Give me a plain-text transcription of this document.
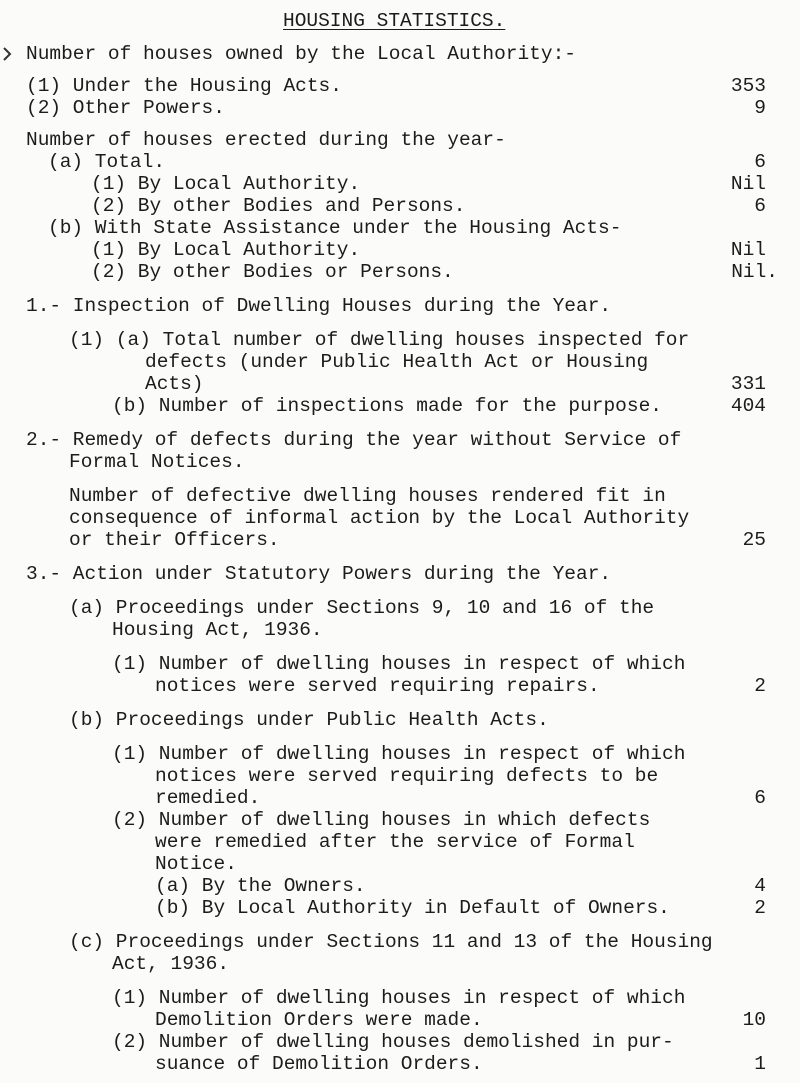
HOUSING STATISTICS.
Number of houses owned by the Local Authority:-
(1) Under the Housing Acts.	353
(2) Other Powers.	9
Number of houses erected during the year-
(a) Total.	6
(1) By Local Authority.	Nil
(2) By other Bodies and Persons.	6
(b) With State Assistance under the Housing Acts-
(1) By Local Authority.	Nil
(2) By other Bodies or Persons.	Nil.
1.- Inspection of Dwelling Houses during the Year.
(1) (a) Total number of dwelling houses inspected for
defects (under Public Health Act or Housing
Acts)	331
(b) Number of inspections made for the purpose.	404
2.- Remedy of defects during the year without Service of
Formal Notices.
Number of defective dwelling houses rendered fit in
consequence of informal action by the Local Authority
or their Officers.	25
3.- Action under Statutory Powers during the Year.
(a) Proceedings under Sections 9, 10 and 16 of the
Housing Act, 1936.
(1) Number of dwelling houses in respect of which
notices were served requiring repairs.	2
(b) Proceedings under Public Health Acts.
(1) Number of dwelling houses in respect of which
notices were served requiring defects to be
remedied.	6
(2) Number of dwelling houses in which defects
were remedied after the service of Formal
Notice.
(a) By the Owners.	4
(b) By Local Authority in Default of Owners.	2
(c) Proceedings under Sections 11 and 13 of the Housing
Act, 1936.
(1) Number of dwelling houses in respect of which
Demolition Orders were made.	10
(2) Number of dwelling houses demolished in pur-
suance of Demolition Orders.	1
